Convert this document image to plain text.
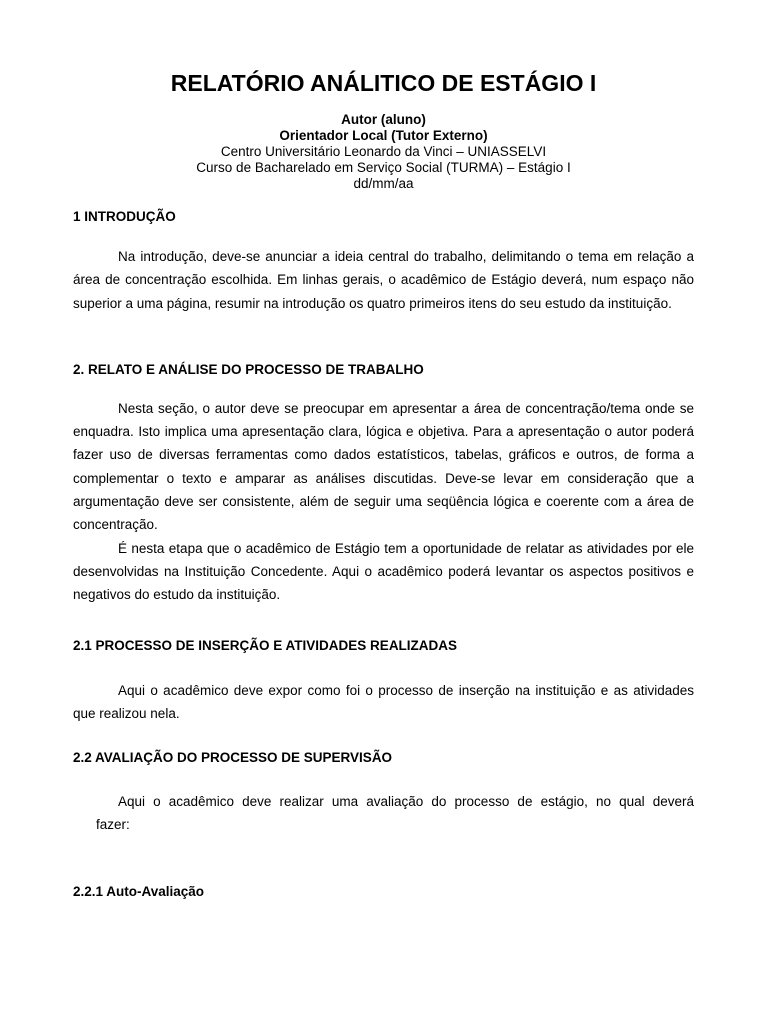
RELATÓRIO ANÁLITICO DE ESTÁGIO I
Autor (aluno)
Orientador Local (Tutor Externo)
Centro Universitário Leonardo da Vinci – UNIASSELVI
Curso de Bacharelado em Serviço Social (TURMA) – Estágio I
dd/mm/aa
1 INTRODUÇÃO

Na introdução, deve-se anunciar a ideia central do trabalho, delimitando o tema em relação a área de concentração escolhida. Em linhas gerais, o acadêmico de Estágio deverá, num espaço não superior a uma página, resumir na introdução os quatro primeiros itens do seu estudo da instituição.

2. RELATO E ANÁLISE DO PROCESSO DE TRABALHO

Nesta seção, o autor deve se preocupar em apresentar a área de concentração/tema onde se enquadra. Isto implica uma apresentação clara, lógica e objetiva. Para a apresentação o autor poderá fazer uso de diversas ferramentas como dados estatísticos, tabelas, gráficos e outros, de forma a complementar o texto e amparar as análises discutidas. Deve-se levar em consideração que a argumentação deve ser consistente, além de seguir uma seqüência lógica e coerente com a área de concentração.

É nesta etapa que o acadêmico de Estágio tem a oportunidade de relatar as atividades por ele desenvolvidas na Instituição Concedente. Aqui o acadêmico poderá levantar os aspectos positivos e negativos do estudo da instituição.

2.1 PROCESSO DE INSERÇÃO E ATIVIDADES REALIZADAS

Aqui o acadêmico deve expor como foi o processo de inserção na instituição e as atividades que realizou nela.

2.2 AVALIAÇÃO DO PROCESSO DE SUPERVISÃO
Aqui o acadêmico deve realizar uma avaliação do processo de estágio, no qual deverá
fazer:
2.2.1 Auto-Avaliação
